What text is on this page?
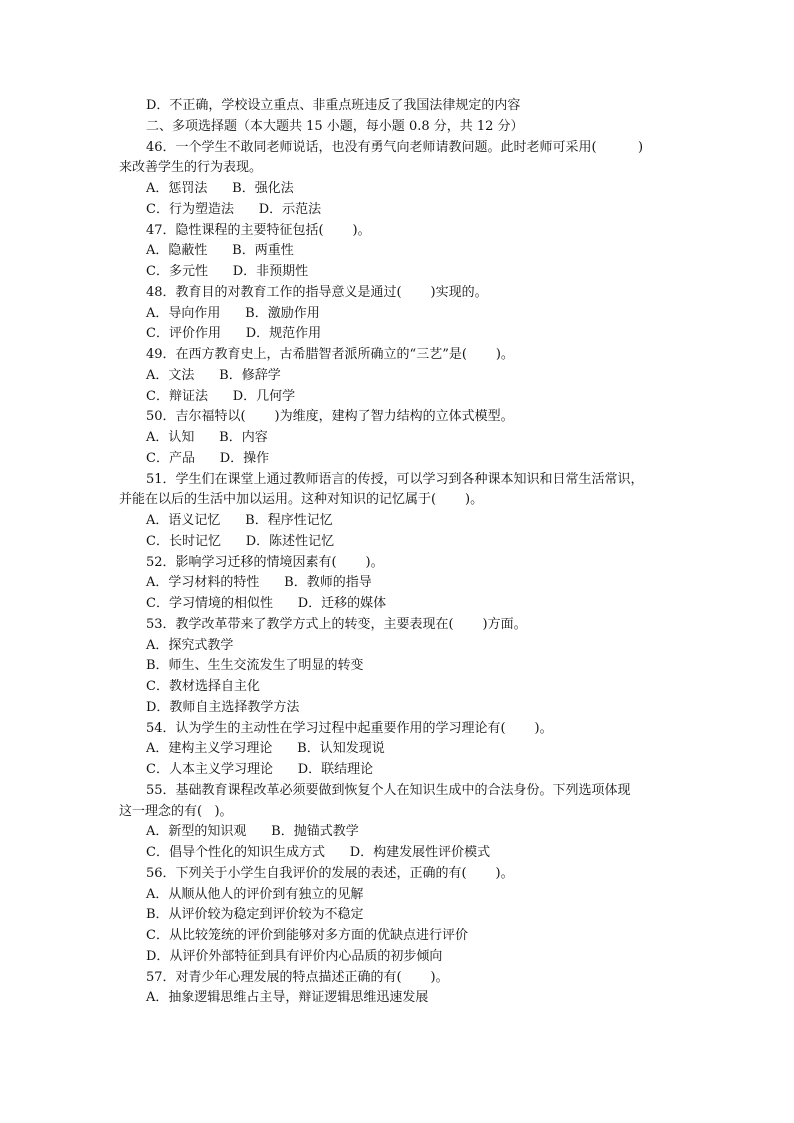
D．不正确，学校设立重点、非重点班违反了我国法律规定的内容
二、多项选择题（本大题共 15 小题，每小题 0.8 分，共 12 分）
46．一个学生不敢同老师说话，也没有勇气向老师请教问题。此时老师可采用(          )
来改善学生的行为表现。
A．惩罚法      B．强化法
C．行为塑造法      D．示范法
47．隐性课程的主要特征包括(       )。
A．隐蔽性      B．两重性
C．多元性      D．非预期性
48．教育目的对教育工作的指导意义是通过(       )实现的。
A．导向作用      B．激励作用
C．评价作用      D．规范作用
49．在西方教育史上，古希腊智者派所确立的“三艺”是(       )。
A．文法      B．修辞学
C．辩证法      D．几何学
50．吉尔福特以(       )为维度，建构了智力结构的立体式模型。
A．认知      B．内容
C．产品      D．操作
51．学生们在课堂上通过教师语言的传授，可以学习到各种课本知识和日常生活常识，
并能在以后的生活中加以运用。这种对知识的记忆属于(       )。
A．语义记忆      B．程序性记忆
C．长时记忆      D．陈述性记忆
52．影响学习迁移的情境因素有(       )。
A．学习材料的特性      B．教师的指导
C．学习情境的相似性      D．迁移的媒体
53．教学改革带来了教学方式上的转变，主要表现在(       )方面。
A．探究式教学
B．师生、生生交流发生了明显的转变
C．教材选择自主化
D．教师自主选择教学方法
54．认为学生的主动性在学习过程中起重要作用的学习理论有(       )。
A．建构主义学习理论      B．认知发现说
C．人本主义学习理论      D．联结理论
55．基础教育课程改革必须要做到恢复个人在知识生成中的合法身份。下列选项体现
这一理念的有(   )。
A．新型的知识观      B．抛锚式教学
C．倡导个性化的知识生成方式      D．构建发展性评价模式
56．下列关于小学生自我评价的发展的表述，正确的有(       )。
A．从顺从他人的评价到有独立的见解
B．从评价较为稳定到评价较为不稳定
C．从比较笼统的评价到能够对多方面的优缺点进行评价
D．从评价外部特征到具有评价内心品质的初步倾向
57．对青少年心理发展的特点描述正确的有(       )。
A．抽象逻辑思维占主导，辩证逻辑思维迅速发展
